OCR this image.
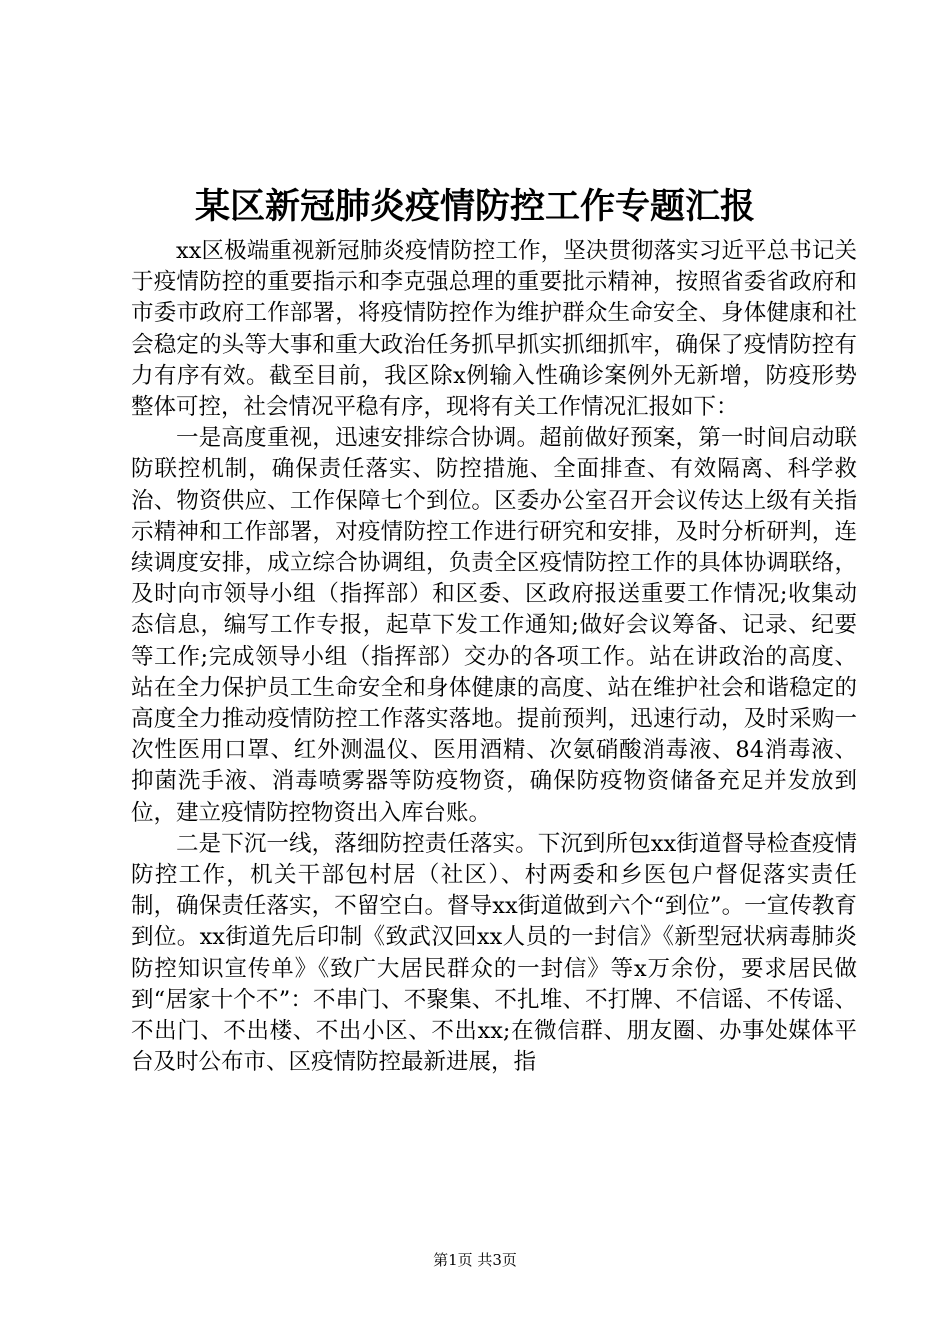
某区新冠肺炎疫情防控工作专题汇报

xx区极端重视新冠肺炎疫情防控工作，坚决贯彻落实习近平总书记关于疫情防控的重要指示和李克强总理的重要批示精神，按照省委省政府和市委市政府工作部署，将疫情防控作为维护群众生命安全、身体健康和社会稳定的头等大事和重大政治任务抓早抓实抓细抓牢，确保了疫情防控有力有序有效。截至目前，我区除x例输入性确诊案例外无新增，防疫形势整体可控，社会情况平稳有序，现将有关工作情况汇报如下：

一是高度重视，迅速安排综合协调。超前做好预案，第一时间启动联防联控机制，确保责任落实、防控措施、全面排查、有效隔离、科学救治、物资供应、工作保障七个到位。区委办公室召开会议传达上级有关指示精神和工作部署，对疫情防控工作进行研究和安排，及时分析研判，连续调度安排，成立综合协调组，负责全区疫情防控工作的具体协调联络，及时向市领导小组（指挥部）和区委、区政府报送重要工作情况;收集动态信息，编写工作专报，起草下发工作通知;做好会议筹备、记录、纪要等工作;完成领导小组（指挥部）交办的各项工作。站在讲政治的高度、站在全力保护员工生命安全和身体健康的高度、站在维护社会和谐稳定的高度全力推动疫情防控工作落实落地。提前预判，迅速行动，及时采购一次性医用口罩、红外测温仪、医用酒精、次氨硝酸消毒液、84消毒液、抑菌洗手液、消毒喷雾器等防疫物资，确保防疫物资储备充足并发放到位，建立疫情防控物资出入库台账。

二是下沉一线，落细防控责任落实。下沉到所包xx街道督导检查疫情防控工作，机关干部包村居（社区）、村两委和乡医包户督促落实责任制，确保责任落实，不留空白。督导xx街道做到六个“到位”。一宣传教育到位。xx街道先后印制《致武汉回xx人员的一封信》《新型冠状病毒肺炎防控知识宣传单》《致广大居民群众的一封信》等x万余份，要求居民做到“居家十个不”：不串门、不聚集、不扎堆、不打牌、不信谣、不传谣、不出门、不出楼、不出小区、不出xx;在微信群、朋友圈、办事处媒体平台及时公布市、区疫情防控最新进展，指

第1页 共3页
